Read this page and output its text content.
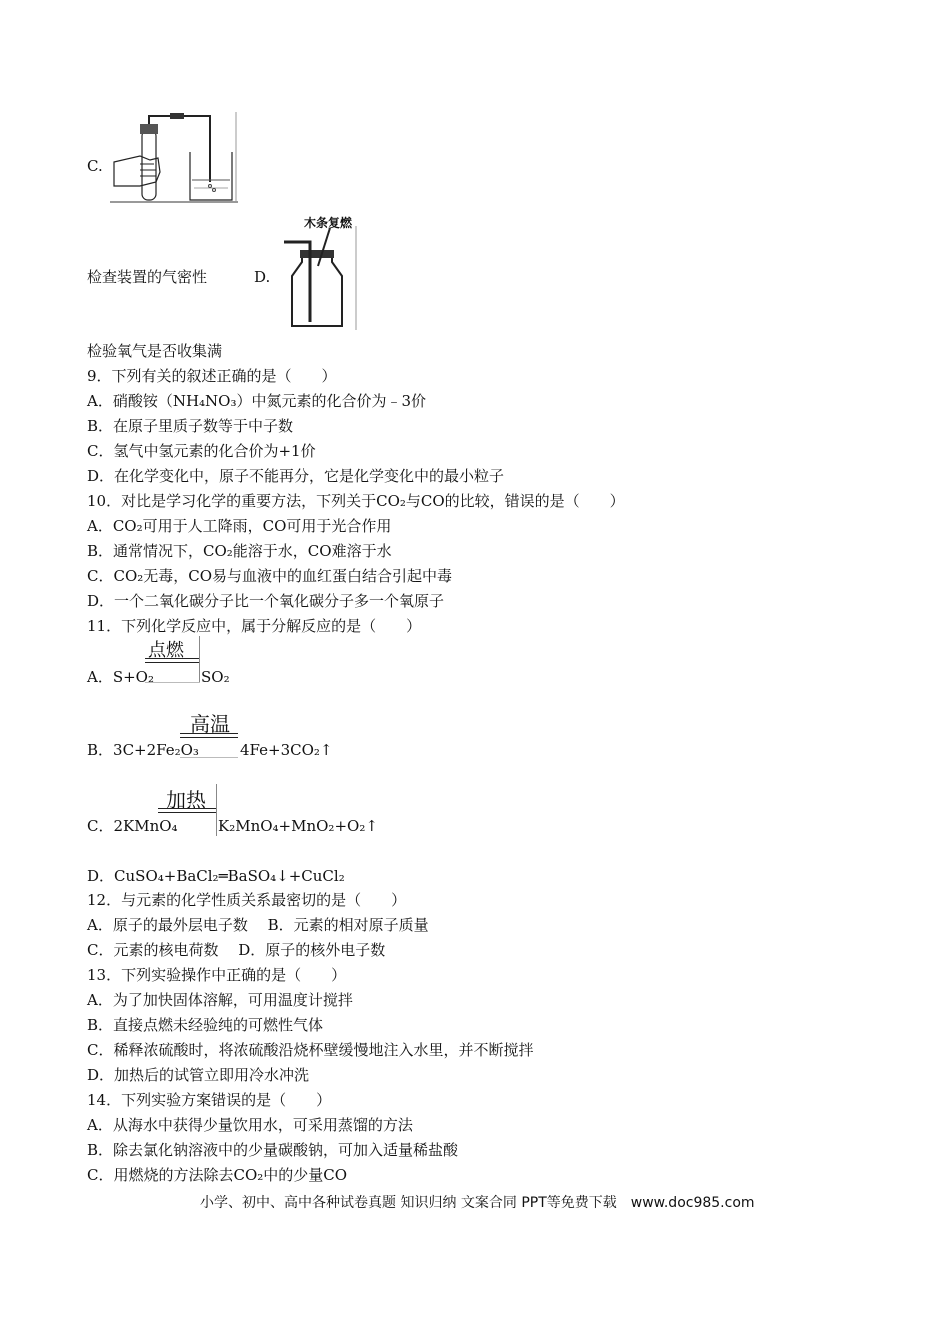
C.
检查装置的气密性	D.
木条复燃
检验氧气是否收集满
9．下列有关的叙述正确的是（　　）
A．硝酸铵（NH₄NO₃）中氮元素的化合价为﹣3价
B．在原子里质子数等于中子数
C．氢气中氢元素的化合价为+1价
D．在化学变化中，原子不能再分，它是化学变化中的最小粒子
10．对比是学习化学的重要方法，下列关于CO₂与CO的比较，错误的是（　　）
A．CO₂可用于人工降雨，CO可用于光合作用
B．通常情况下，CO₂能溶于水，CO难溶于水
C．CO₂无毒，CO易与血液中的血红蛋白结合引起中毒
D．一个二氧化碳分子比一个氧化碳分子多一个氧原子
11．下列化学反应中，属于分解反应的是（　　）
点燃
A．S+O₂	SO₂
高温
B．3C+2Fe₂O₃	4Fe+3CO₂↑
加热
C．2KMnO₄	K₂MnO₄+MnO₂+O₂↑
D．CuSO₄+BaCl₂═BaSO₄↓+CuCl₂
12．与元素的化学性质关系最密切的是（　　）
A．原子的最外层电子数　 B．元素的相对原子质量
C．元素的核电荷数　 D．原子的核外电子数
13．下列实验操作中正确的是（　　）
A．为了加快固体溶解，可用温度计搅拌
B．直接点燃未经验纯的可燃性气体
C．稀释浓硫酸时，将浓硫酸沿烧杯壁缓慢地注入水里，并不断搅拌
D．加热后的试管立即用冷水冲洗
14．下列实验方案错误的是（　　）
A．从海水中获得少量饮用水，可采用蒸馏的方法
B．除去氯化钠溶液中的少量碳酸钠，可加入适量稀盐酸
C．用燃烧的方法除去CO₂中的少量CO
小学、初中、高中各种试卷真题 知识归纳 文案合同 PPT等免费下载　www.doc985.com
